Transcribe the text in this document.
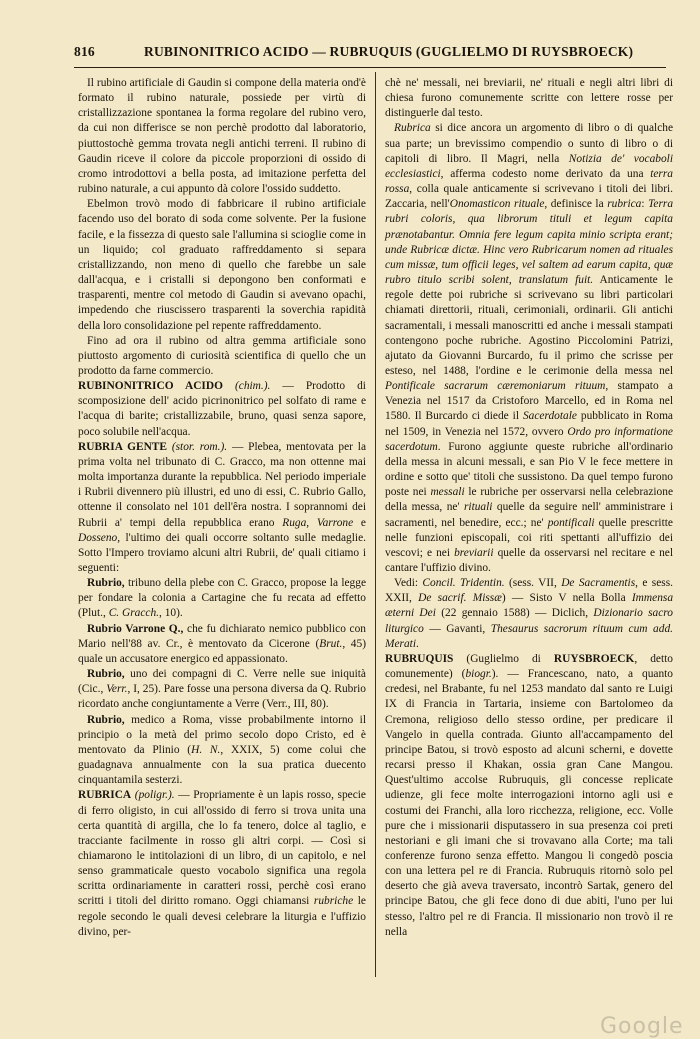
816	RUBINONITRICO ACIDO — RUBRUQUIS (GUGLIELMO DI RUYSBROECK)

Il rubino artificiale di Gaudin si compone della materia ond'è formato il rubino naturale, possiede per virtù di cristallizzazione spontanea la forma regolare del rubino vero, da cui non differisce se non perchè prodotto dal laboratorio, piuttostochè gemma trovata negli antichi terreni. Il rubino di Gaudin riceve il colore da piccole proporzioni di ossido di cromo introdottovi a bella posta, ad imitazione perfetta del rubino naturale, a cui appunto dà colore l'ossido suddetto.

Ebelmon trovò modo di fabbricare il rubino artificiale facendo uso del borato di soda come solvente. Per la fusione facile, e la fissezza di questo sale l'allumina si scioglie come in un liquido; col graduato raffreddamento si separa cristallizzando, non meno di quello che farebbe un sale dall'acqua, e i cristalli si depongono ben conformati e trasparenti, mentre col metodo di Gaudin si avevano opachi, impedendo che riuscissero trasparenti la soverchia rapidità della loro consolidazione pel repente raffreddamento.

Fino ad ora il rubino od altra gemma artificiale sono piuttosto argomento di curiosità scientifica di quello che un prodotto da farne commercio.

RUBINONITRICO ACIDO (chim.). — Prodotto di scomposizione dell' acido picrinonitrico pel solfato di rame e l'acqua di barite; cristallizzabile, bruno, quasi senza sapore, poco solubile nell'acqua.

RUBRIA GENTE (stor. rom.). — Plebea, mentovata per la prima volta nel tribunato di C. Gracco, ma non ottenne mai molta importanza durante la repubblica. Nel periodo imperiale i Rubrii divennero più illustri, ed uno di essi, C. Rubrio Gallo, ottenne il consolato nel 101 dell'êra nostra. I soprannomi dei Rubrii a' tempi della repubblica erano Ruga, Varrone e Dosseno, l'ultimo dei quali occorre soltanto sulle medaglie. Sotto l'Impero troviamo alcuni altri Rubrii, de' quali citiamo i seguenti:

Rubrio, tribuno della plebe con C. Gracco, propose la legge per fondare la colonia a Cartagine che fu recata ad effetto (Plut., C. Gracch., 10).

Rubrio Varrone Q., che fu dichiarato nemico pubblico con Mario nell'88 av. Cr., è mentovato da Cicerone (Brut., 45) quale un accusatore energico ed appassionato.

Rubrio, uno dei compagni di C. Verre nelle sue iniquità (Cic., Verr., I, 25). Pare fosse una persona diversa da Q. Rubrio ricordato anche congiuntamente a Verre (Verr., III, 80).

Rubrio, medico a Roma, visse probabilmente intorno il principio o la metà del primo secolo dopo Cristo, ed è mentovato da Plinio (H. N., XXIX, 5) come colui che guadagnava annualmente con la sua pratica duecento cinquantamila sesterzi.

RUBRICA (poligr.). — Propriamente è un lapis rosso, specie di ferro oligisto, in cui all'ossido di ferro si trova unita una certa quantità di argilla, che lo fa tenero, dolce al taglio, e tracciante facilmente in rosso gli altri corpi. — Così si chiamarono le intitolazioni di un libro, di un capitolo, e nel senso grammaticale questo vocabolo significa una regola scritta ordinariamente in caratteri rossi, perchè così erano scritti i titoli del diritto romano. Oggi chiamansi rubriche le regole secondo le quali devesi celebrare la liturgia e l'uffizio divino, per-

chè ne' messali, nei breviarii, ne' rituali e negli altri libri di chiesa furono comunemente scritte con lettere rosse per distinguerle dal testo.

Rubrica si dice ancora un argomento di libro o di qualche sua parte; un brevissimo compendio o sunto di libro o di capitoli di libro. Il Magri, nella Notizia de' vocaboli ecclesiastici, afferma codesto nome derivato da una terra rossa, colla quale anticamente si scrivevano i titoli dei libri. Zaccaria, nell'Onomasticon rituale, definisce la rubrica: Terra rubri coloris, qua librorum tituli et legum capita prænotabantur. Omnia fere legum capita minio scripta erant; unde Rubricæ dictæ. Hinc vero Rubricarum nomen ad rituales cum missæ, tum officii leges, vel saltem ad earum capita, quæ rubro titulo scribi solent, translatum fuit. Anticamente le regole dette poi rubriche si scrivevano su libri particolari chiamati direttorii, rituali, cerimoniali, ordinarii. Gli antichi sacramentali, i messali manoscritti ed anche i messali stampati contengono poche rubriche. Agostino Piccolomini Patrizi, ajutato da Giovanni Burcardo, fu il primo che scrisse per esteso, nel 1488, l'ordine e le cerimonie della messa nel Pontificale sacrarum cæremoniarum rituum, stampato a Venezia nel 1517 da Cristoforo Marcello, ed in Roma nel 1580. Il Burcardo ci diede il Sacerdotale pubblicato in Roma nel 1509, in Venezia nel 1572, ovvero Ordo pro informatione sacerdotum. Furono aggiunte queste rubriche all'ordinario della messa in alcuni messali, e san Pio V le fece mettere in ordine e sotto que' titoli che sussistono. Da quel tempo furono poste nei messali le rubriche per osservarsi nella celebrazione della messa, ne' rituali quelle da seguire nell' amministrare i sacramenti, nel benedire, ecc.; ne' pontificali quelle prescritte nelle funzioni episcopali, coi riti spettanti all'uffizio dei vescovi; e nei breviarii quelle da osservarsi nel recitare e nel cantare l'uffizio divino.

Vedi: Concil. Tridentin. (sess. VII, De Sacramentis, e sess. XXII, De sacrif. Missæ) — Sisto V nella Bolla Immensa æterni Dei (22 gennaio 1588) — Diclich, Dizionario sacro liturgico — Gavanti, Thesaurus sacrorum rituum cum add. Merati.

RUBRUQUIS (Guglielmo di RUYSBROECK, detto comunemente) (biogr.). — Francescano, nato, a quanto credesi, nel Brabante, fu nel 1253 mandato dal santo re Luigi IX di Francia in Tartaria, insieme con Bartolomeo da Cremona, religioso dello stesso ordine, per predicare il Vangelo in quella contrada. Giunto all'accampamento del principe Batou, si trovò esposto ad alcuni scherni, e dovette recarsi presso il Khakan, ossia gran Cane Mangou. Quest'ultimo accolse Rubruquis, gli concesse replicate udienze, gli fece molte interrogazioni intorno agli usi e costumi dei Franchi, alla loro ricchezza, religione, ecc. Volle pure che i missionarii disputassero in sua presenza coi preti nestoriani e gli imani che si trovavano alla Corte; ma tali conferenze furono senza effetto. Mangou li congedò poscia con una lettera pel re di Francia. Rubruquis ritornò solo pel deserto che già aveva traversato, incontrò Sartak, genero del principe Batou, che gli fece dono di due abiti, l'uno per lui stesso, l'altro pel re di Francia. Il missionario non trovò il re nella

Google
